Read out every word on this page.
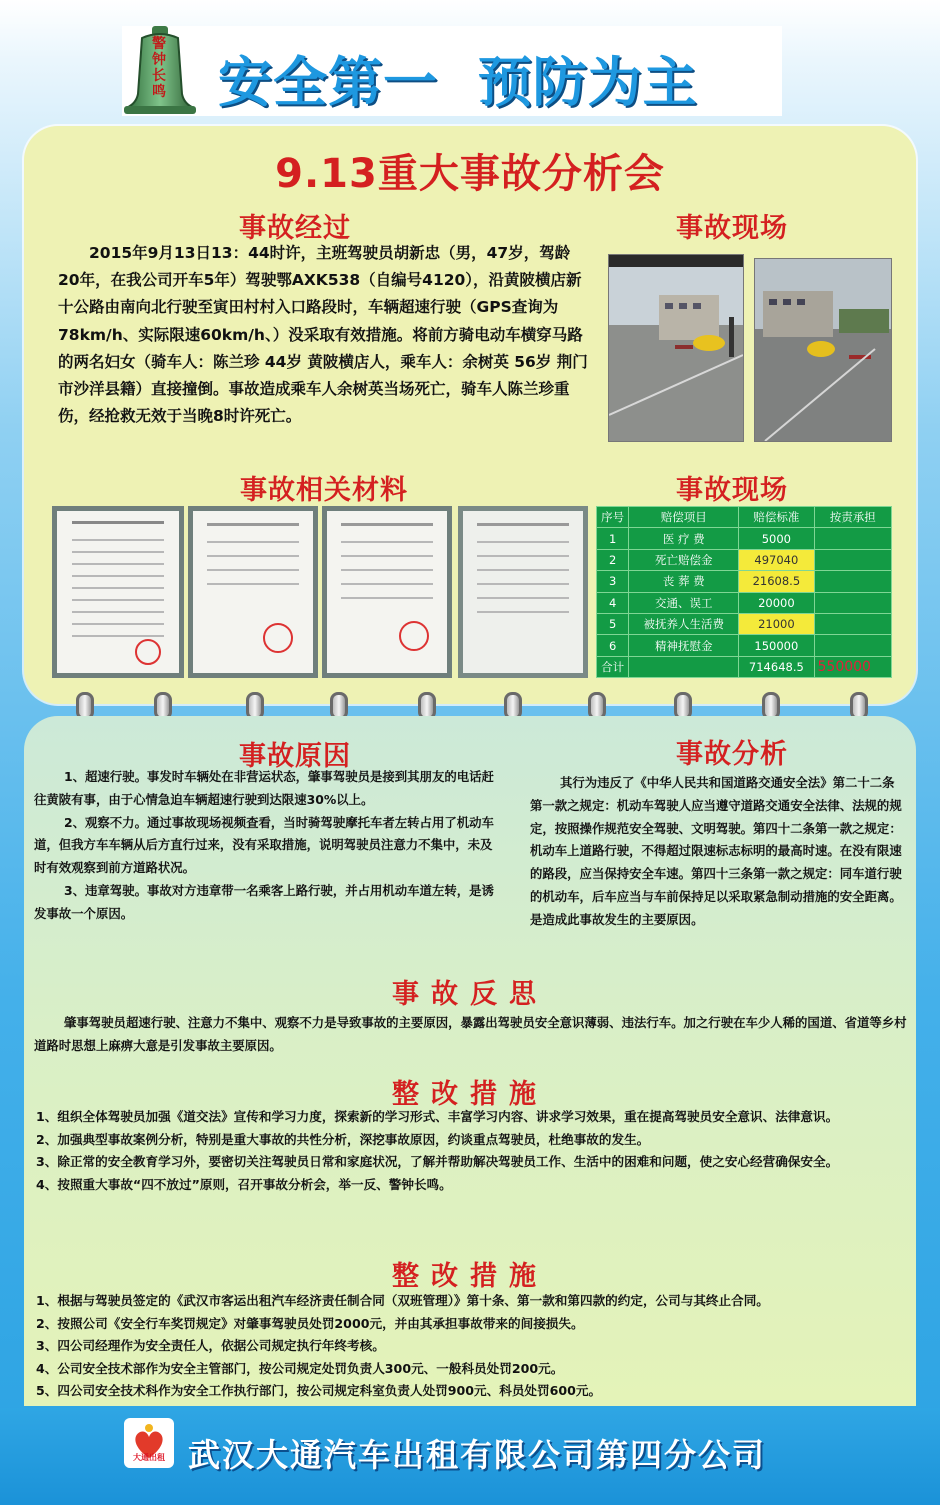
警钟长鸣 安全第一  预防为主
9.13重大事故分析会
事故经过

2015年9月13日13：44时许，主班驾驶员胡新忠（男，47岁，驾龄20年，在我公司开车5年）驾驶鄂AXK538（自编号4120），沿黄陂横店新十公路由南向北行驶至寅田村村入口路段时，车辆超速行驶（GPS查询为78km/h、实际限速60km/h、）没采取有效措施。将前方骑电动车横穿马路的两名妇女（骑车人：陈兰珍 44岁 黄陂横店人，乘车人：余树英 56岁 荆门市沙洋县籍）直接撞倒。事故造成乘车人余树英当场死亡，骑车人陈兰珍重伤，经抢救无效于当晚8时许死亡。

事故现场
事故相关材料	事故现场
序号	赔偿项目	赔偿标准	按责承担
1	医 疗 费	5000	
2	死亡赔偿金	497040	
3	丧 葬 费	21608.5	
4	交通、误工	20000	
5	被抚养人生活费	21000	
6	精神抚慰金	150000	
合计		714648.5	550000
事故原因

1、超速行驶。事发时车辆处在非营运状态，肇事驾驶员是接到其朋友的电话赶往黄陂有事，由于心情急迫车辆超速行驶到达限速30%以上。

2、观察不力。通过事故现场视频查看，当时骑驾驶摩托车者左转占用了机动车道，但我方车车辆从后方直行过来，没有采取措施，说明驾驶员注意力不集中，未及时有效观察到前方道路状况。

3、违章驾驶。事故对方违章带一名乘客上路行驶，并占用机动车道左转，是诱发事故一个原因。

事故分析

其行为违反了《中华人民共和国道路交通安全法》第二十二条第一款之规定：机动车驾驶人应当遵守道路交通安全法律、法规的规定，按照操作规范安全驾驶、文明驾驶。第四十二条第一款之规定：机动车上道路行驶，不得超过限速标志标明的最高时速。在没有限速的路段，应当保持安全车速。第四十三条第一款之规定：同车道行驶的机动车，后车应当与车前保持足以采取紧急制动措施的安全距离。是造成此事故发生的主要原因。

事故反思

肇事驾驶员超速行驶、注意力不集中、观察不力是导致事故的主要原因，暴露出驾驶员安全意识薄弱、违法行车。加之行驶在车少人稀的国道、省道等乡村道路时思想上麻痹大意是引发事故主要原因。

整改措施

1、组织全体驾驶员加强《道交法》宣传和学习力度，探索新的学习形式、丰富学习内容、讲求学习效果，重在提高驾驶员安全意识、法律意识。

2、加强典型事故案例分析，特别是重大事故的共性分析，深挖事故原因，约谈重点驾驶员，杜绝事故的发生。

3、除正常的安全教育学习外，要密切关注驾驶员日常和家庭状况，了解并帮助解决驾驶员工作、生活中的困难和问题，使之安心经营确保安全。

4、按照重大事故“四不放过”原则，召开事故分析会，举一反、警钟长鸣。

整改措施

1、根据与驾驶员签定的《武汉市客运出租汽车经济责任制合同（双班管理）》第十条、第一款和第四款的约定，公司与其终止合同。

2、按照公司《安全行车奖罚规定》对肇事驾驶员处罚2000元，并由其承担事故带来的间接损失。

3、四公司经理作为安全责任人，依据公司规定执行年终考核。

4、公司安全技术部作为安全主管部门，按公司规定处罚负责人300元、一般科员处罚200元。

5、四公司安全技术科作为安全工作执行部门，按公司规定科室负责人处罚900元、科员处罚600元。

大通出租 武汉大通汽车出租有限公司第四分公司
